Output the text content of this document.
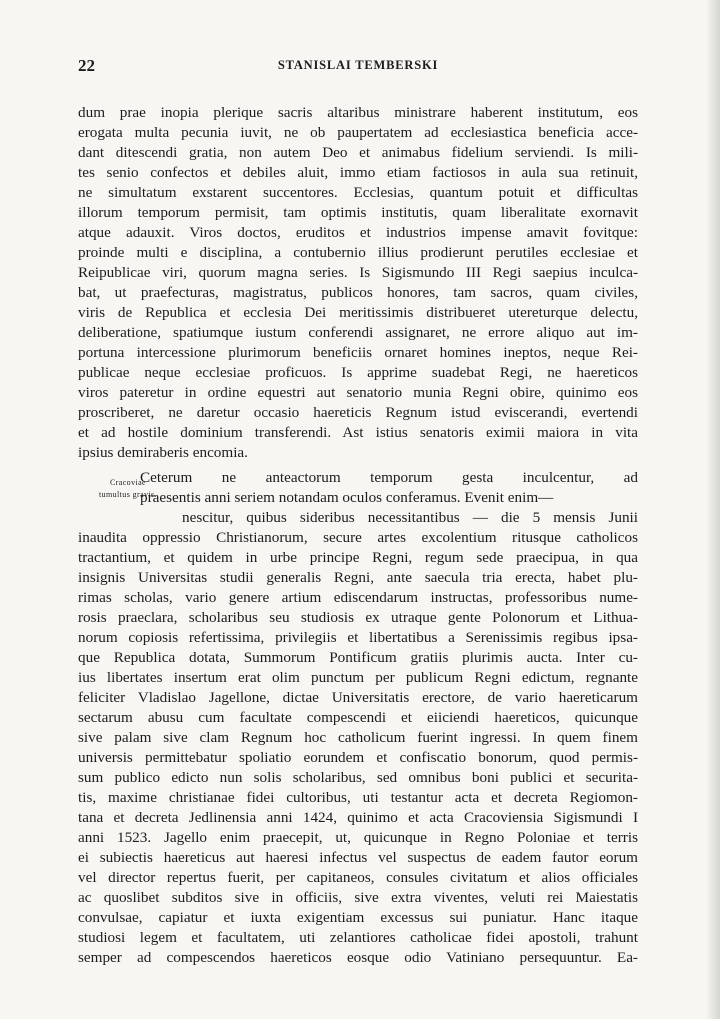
22	STANISLAI TEMBERSKI
Cracoviae
tumultus gravis.
dum prae inopia plerique sacris altaribus ministrare haberent institutum, eos
erogata multa pecunia iuvit, ne ob paupertatem ad ecclesiastica beneficia acce-
dant ditescendi gratia, non autem Deo et animabus fidelium serviendi. Is mili-
tes senio confectos et debiles aluit, immo etiam factiosos in aula sua retinuit,
ne simultatum exstarent succentores. Ecclesias, quantum potuit et difficultas
illorum temporum permisit, tam optimis institutis, quam liberalitate exornavit
atque adauxit. Viros doctos, eruditos et industrios impense amavit fovitque:
proinde multi e disciplina, a contubernio illius prodierunt perutiles ecclesiae et
Reipublicae viri, quorum magna series. Is Sigismundo III Regi saepius inculca-
bat, ut praefecturas, magistratus, publicos honores, tam sacros, quam civiles,
viris de Republica et ecclesia Dei meritissimis distribueret utereturque delectu,
deliberatione, spatiumque iustum conferendi assignaret, ne errore aliquo aut im-
portuna intercessione plurimorum beneficiis ornaret homines ineptos, neque Rei-
publicae neque ecclesiae proficuos. Is apprime suadebat Regi, ne haereticos
viros pateretur in ordine equestri aut senatorio munia Regni obire, quinimo eos
proscriberet, ne daretur occasio haereticis Regnum istud eviscerandi, evertendi
et ad hostile dominium transferendi. Ast istius senatoris eximii maiora in vita
ipsius demiraberis encomia.
Ceterum ne anteactorum temporum gesta inculcentur, ad
praesentis anni seriem notandam oculos conferamus. Evenit enim—
nescitur, quibus sideribus necessitantibus — die 5 mensis Junii
inaudita oppressio Christianorum, secure artes excolentium ritusque catholicos
tractantium, et quidem in urbe principe Regni, regum sede praecipua, in qua
insignis Universitas studii generalis Regni, ante saecula tria erecta, habet plu-
rimas scholas, vario genere artium ediscendarum instructas, professoribus nume-
rosis praeclara, scholaribus seu studiosis ex utraque gente Polonorum et Lithua-
norum copiosis refertissima, privilegiis et libertatibus a Serenissimis regibus ipsa-
que Republica dotata, Summorum Pontificum gratiis plurimis aucta. Inter cu-
ius libertates insertum erat olim punctum per publicum Regni edictum, regnante
feliciter Vladislao Jagellone, dictae Universitatis erectore, de vario haereticarum
sectarum abusu cum facultate compescendi et eiiciendi haereticos, quicunque
sive palam sive clam Regnum hoc catholicum fuerint ingressi. In quem finem
universis permittebatur spoliatio eorundem et confiscatio bonorum, quod permis-
sum publico edicto nun solis scholaribus, sed omnibus boni publici et securita-
tis, maxime christianae fidei cultoribus, uti testantur acta et decreta Regiomon-
tana et decreta Jedlinensia anni 1424, quinimo et acta Cracoviensia Sigismundi I
anni 1523. Jagello enim praecepit, ut, quicunque in Regno Poloniae et terris
ei subiectis haereticus aut haeresi infectus vel suspectus de eadem fautor eorum
vel director repertus fuerit, per capitaneos, consules civitatum et alios officiales
ac quoslibet subditos sive in officiis, sive extra viventes, veluti rei Maiestatis
convulsae, capiatur et iuxta exigentiam excessus sui puniatur. Hanc itaque
studiosi legem et facultatem, uti zelantiores catholicae fidei apostoli, trahunt
semper ad compescendos haereticos eosque odio Vatiniano persequuntur. Ea-
